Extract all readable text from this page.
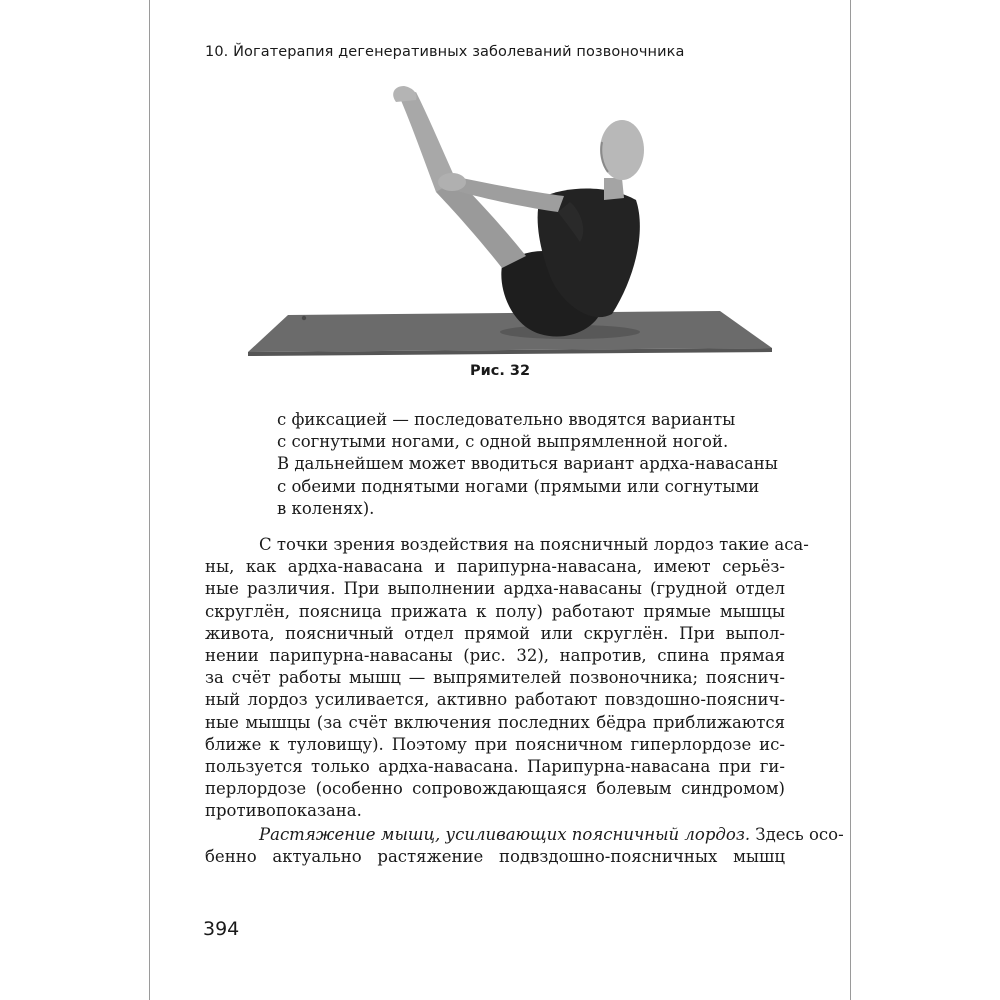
10. Йогатерапия дегенеративных заболеваний позвоночника
Рис. 32
с фиксацией — последовательно вводятся варианты
с согнутыми ногами, с одной выпрямленной ногой.
В дальнейшем может вводиться вариант ардха-навасаны
с обеими поднятыми ногами (прямыми или согнутыми
в коленях).
С точки зрения воздействия на поясничный лордоз такие аса-
ны, как ардха-навасана и парипурна-навасана, имеют серьёз-
ные различия. При выполнении ардха-навасаны (грудной отдел
скруглён, поясница прижата к полу) работают прямые мышцы
живота, поясничный отдел прямой или скруглён. При выпол-
нении парипурна-навасаны (рис. 32), напротив, спина прямая
за счёт работы мышц — выпрямителей позвоночника; пояснич-
ный лордоз усиливается, активно работают повздошно-пояснич-
ные мышцы (за счёт включения последних бёдра приближаются
ближе к туловищу). Поэтому при поясничном гиперлордозе ис-
пользуется только ардха-навасана. Парипурна-навасана при ги-
перлордозе (особенно сопровождающаяся болевым синдромом)
противопоказана.
Растяжение мышц, усиливающих поясничный лордоз. Здесь осо-
бенно актуально растяжение подвздошно-поясничных мышц
394
